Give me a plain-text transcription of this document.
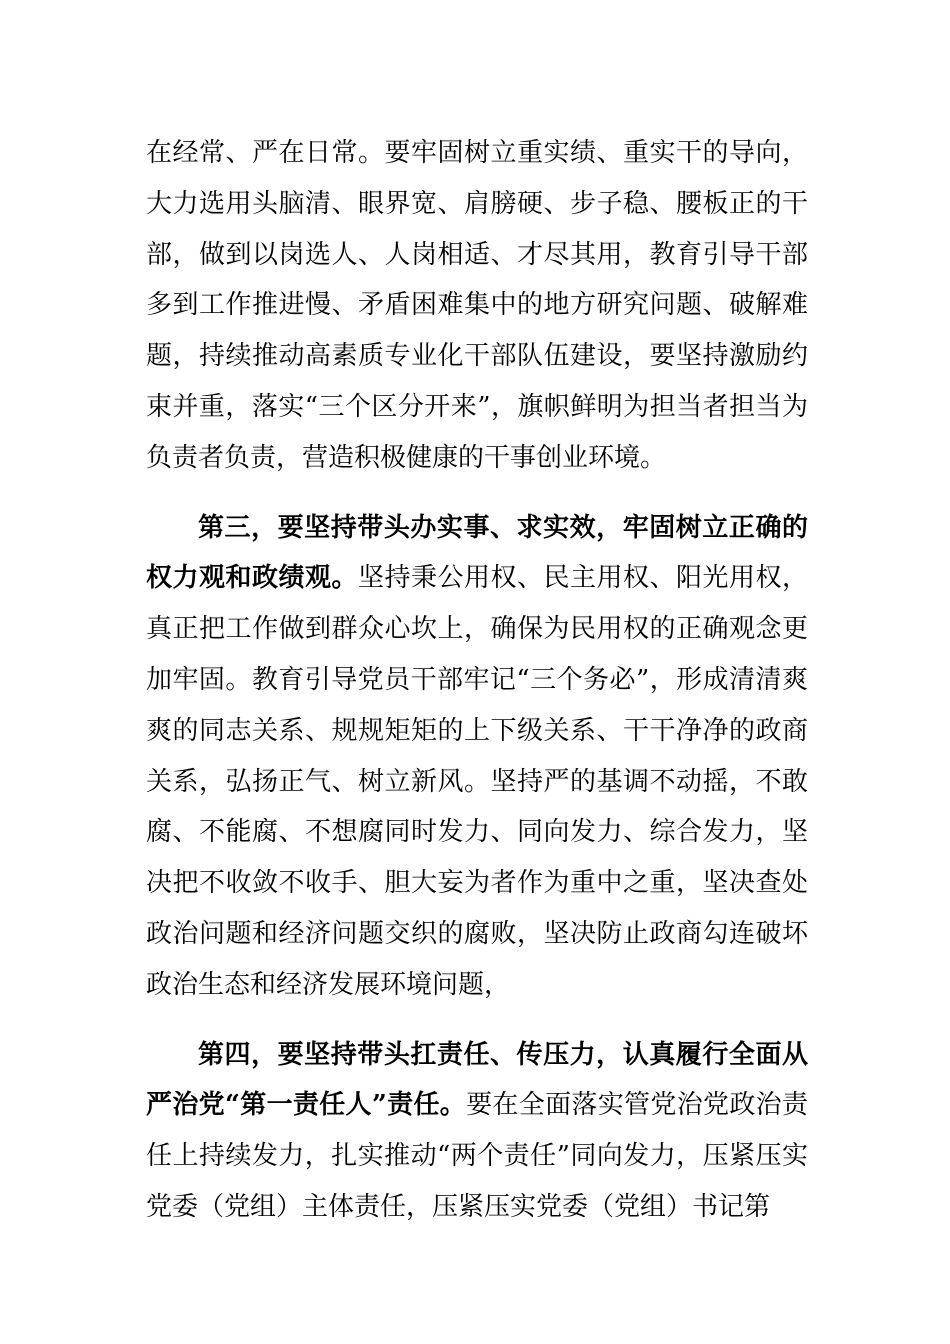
在经常、严在日常。要牢固树立重实绩、重实干的导向，大力选用头脑清、眼界宽、肩膀硬、步子稳、腰板正的干部，做到以岗选人、人岗相适、才尽其用，教育引导干部多到工作推进慢、矛盾困难集中的地方研究问题、破解难题，持续推动高素质专业化干部队伍建设，要坚持激励约束并重，落实“三个区分开来”，旗帜鲜明为担当者担当为负责者负责，营造积极健康的干事创业环境。

第三，要坚持带头办实事、求实效，牢固树立正确的权力观和政绩观。坚持秉公用权、民主用权、阳光用权，真正把工作做到群众心坎上，确保为民用权的正确观念更加牢固。教育引导党员干部牢记“三个务必”，形成清清爽爽的同志关系、规规矩矩的上下级关系、干干净净的政商关系，弘扬正气、树立新风。坚持严的基调不动摇，不敢腐、不能腐、不想腐同时发力、同向发力、综合发力，坚决把不收敛不收手、胆大妄为者作为重中之重，坚决查处政治问题和经济问题交织的腐败，坚决防止政商勾连破坏政治生态和经济发展环境问题，

第四，要坚持带头扛责任、传压力，认真履行全面从严治党“第一责任人”责任。要在全面落实管党治党政治责任上持续发力，扎实推动“两个责任”同向发力，压紧压实党委（党组）主体责任，压紧压实党委（党组）书记第
